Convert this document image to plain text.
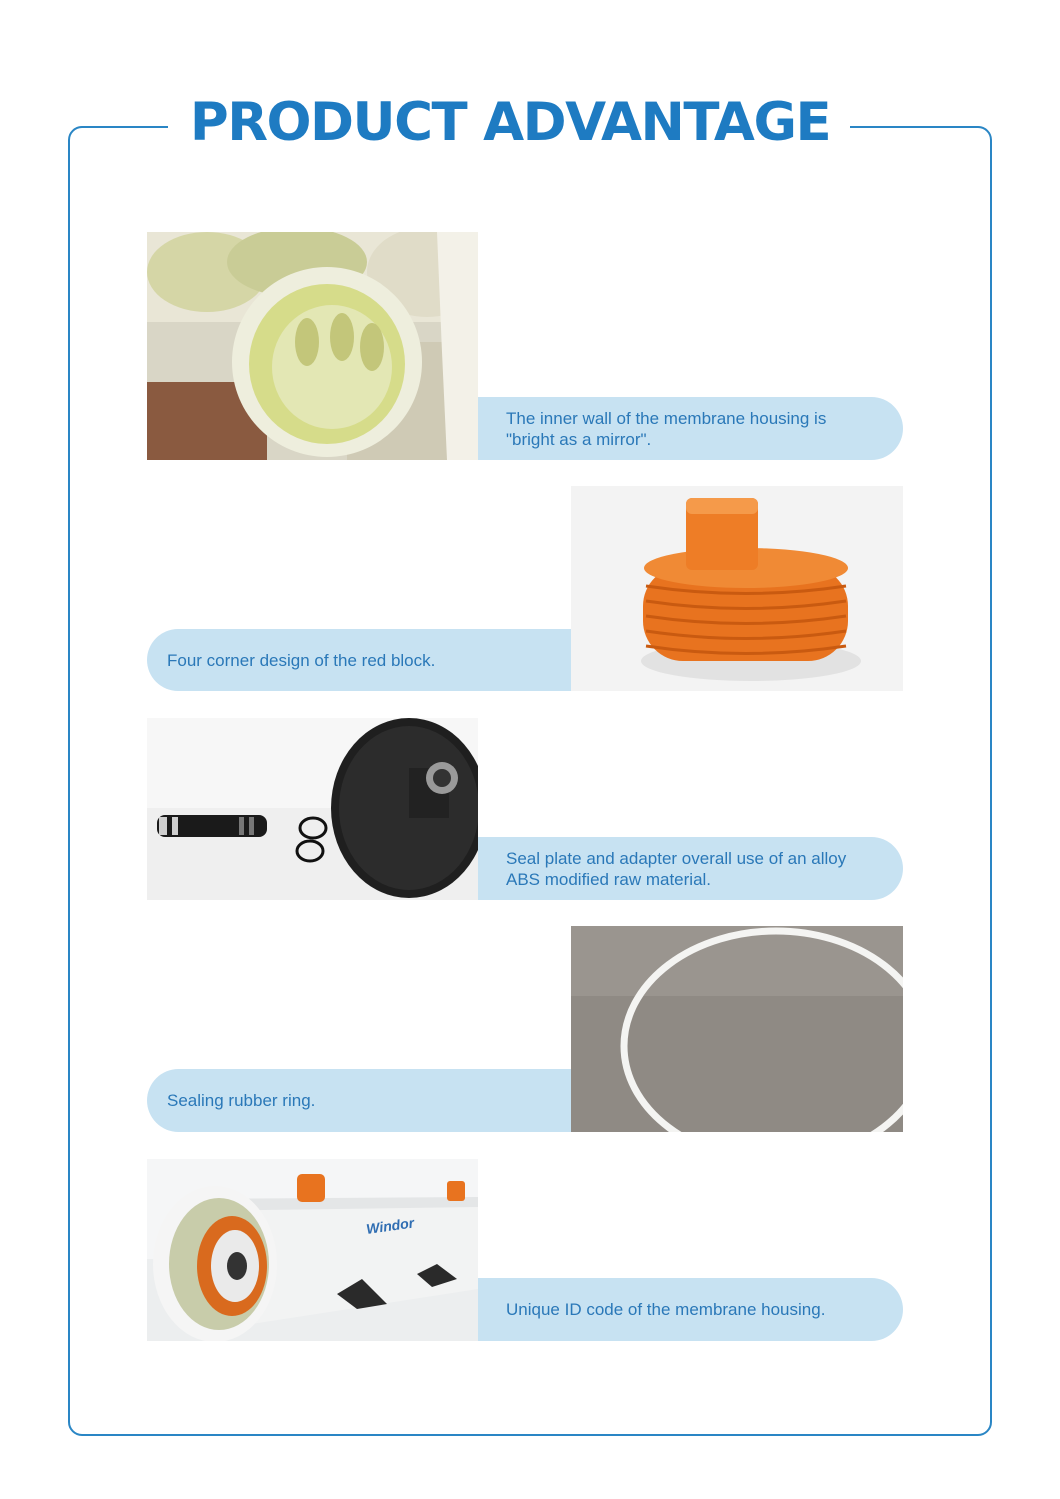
PRODUCT ADVANTAGE
The inner wall of the membrane housing is "bright as a mirror".
Four corner design of the red block.
Seal plate and adapter overall use of an alloy ABS modified raw material.
Sealing rubber ring.
Windor
Unique ID code of the membrane housing.
